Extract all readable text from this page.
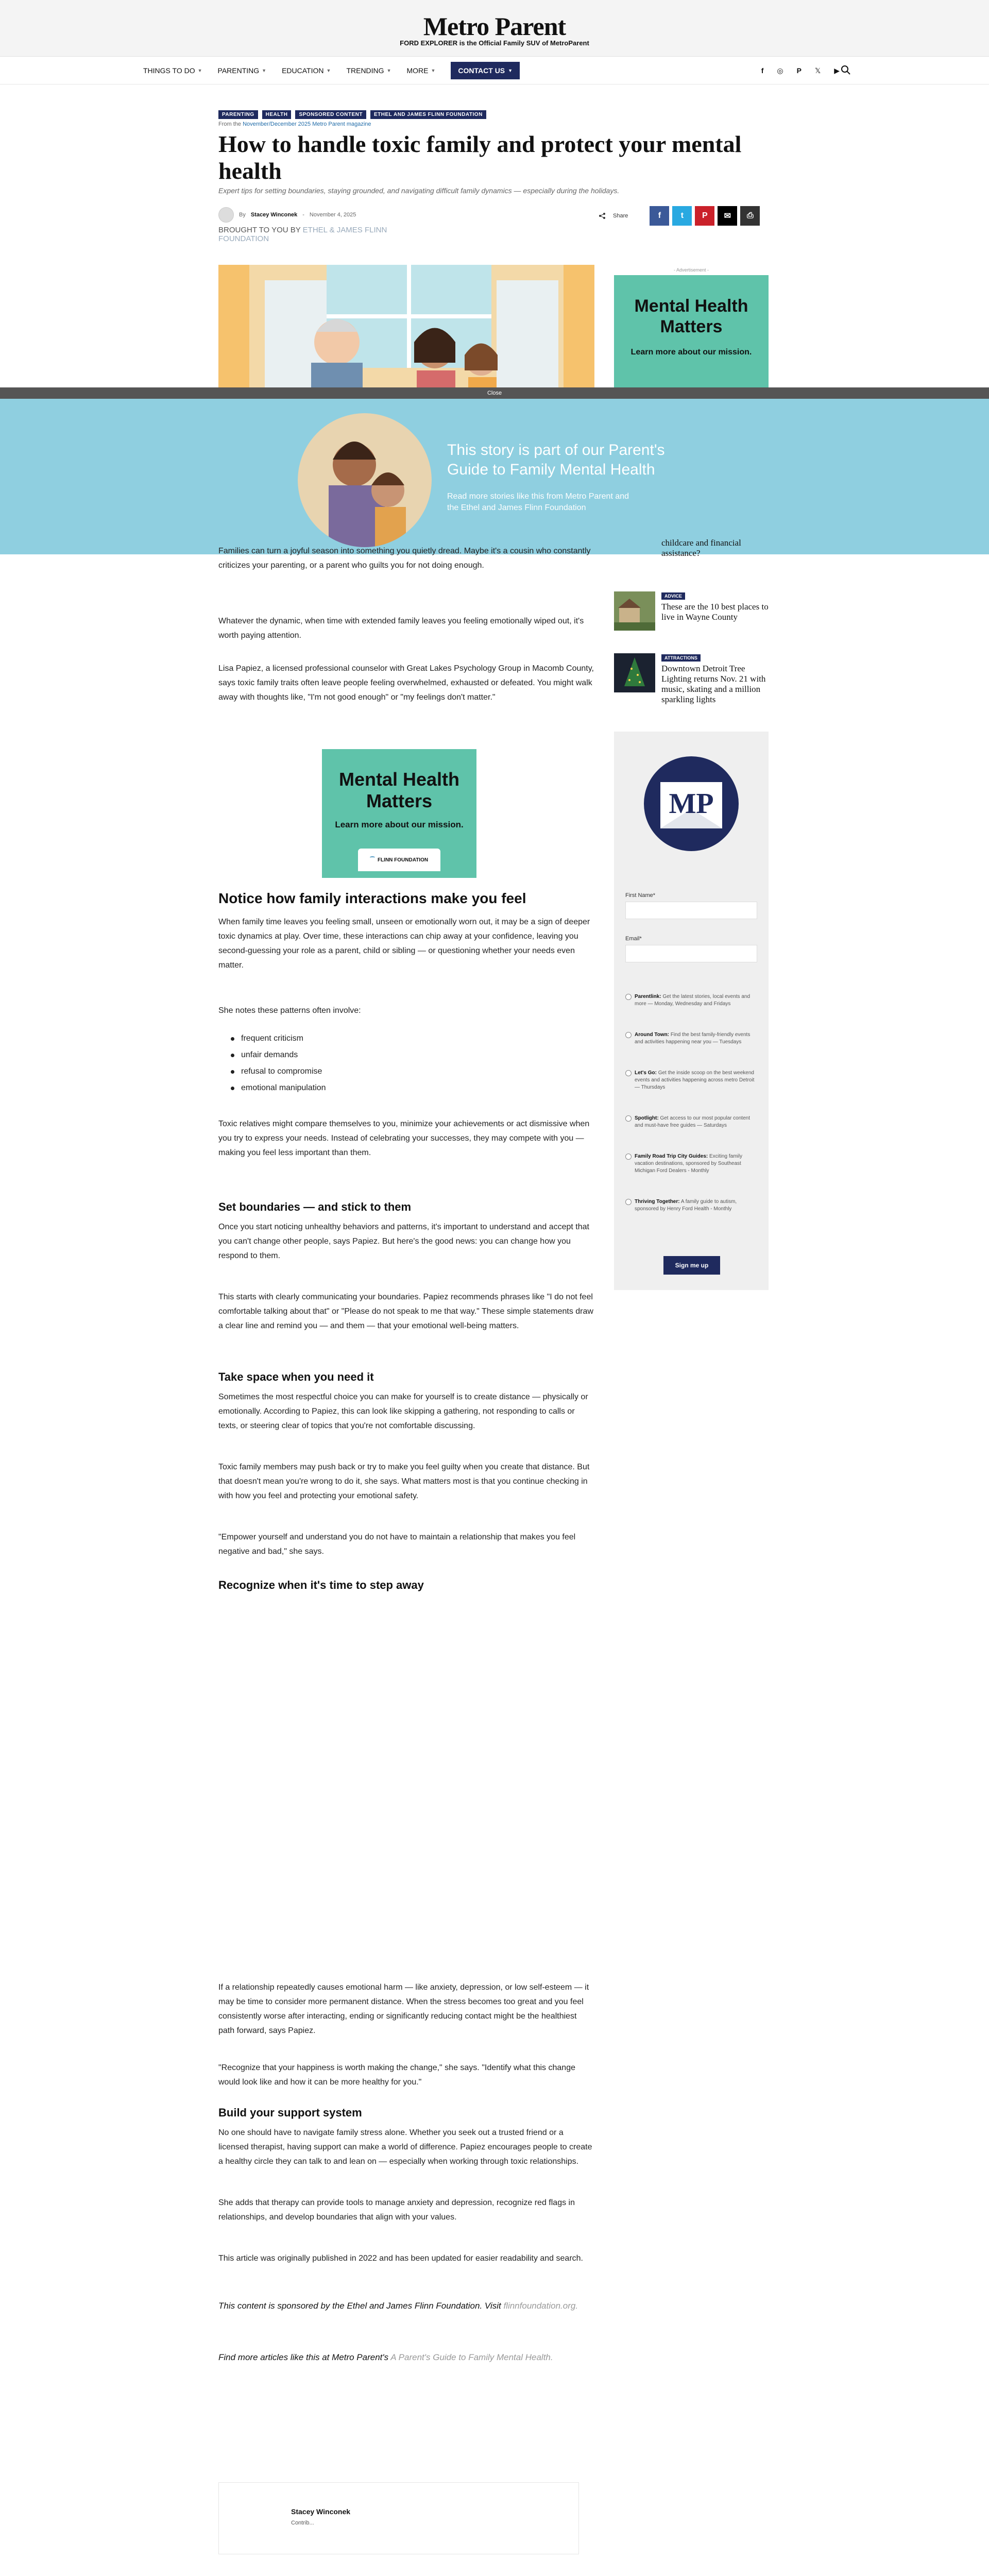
Metro Parent
FORD EXPLORER is the Official Family SUV of MetroParent
THINGS TO DO ▼ PARENTING ▼ EDUCATION ▼ TRENDING ▼ MORE ▼	CONTACT US ▼	f ◎ P 𝕏 ▶
PARENTING	HEALTH	SPONSORED CONTENT	ETHEL AND JAMES FLINN FOUNDATION
From the November/December 2025 Metro Parent magazine
How to handle toxic family and protect your mental health
Expert tips for setting boundaries, staying grounded, and navigating difficult family dynamics — especially during the holidays.
By Stacey Winconek - November 4, 2025
BROUGHT TO YOU BY ETHEL & JAMES FLINN FOUNDATION
Share	f t P ✉ ⎙
- Advertisement -
Mental Health Matters

Learn more about our mission.

Close
This story is part of our Parent's Guide to Family Mental Health

Read more stories like this from Metro Parent and the Ethel and James Flinn Foundation

Families can turn a joyful season into something you quietly dread. Maybe it's a cousin who constantly criticizes your parenting, or a parent who guilts you for not doing enough.

Whatever the dynamic, when time with extended family leaves you feeling emotionally wiped out, it's worth paying attention.

Lisa Papiez, a licensed professional counselor with Great Lakes Psychology Group in Macomb County, says toxic family traits often leave people feeling overwhelmed, exhausted or defeated. You might walk away with thoughts like, "I'm not good enough" or "my feelings don't matter."

Mental Health Matters

Learn more about our mission.

⁀ FLINN FOUNDATION
Notice how family interactions make you feel

When family time leaves you feeling small, unseen or emotionally worn out, it may be a sign of deeper toxic dynamics at play. Over time, these interactions can chip away at your confidence, leaving you second-guessing your role as a parent, child or sibling — or questioning whether your needs even matter.

She notes these patterns often involve:

frequent criticism
unfair demands
refusal to compromise
emotional manipulation

Toxic relatives might compare themselves to you, minimize your achievements or act dismissive when you try to express your needs. Instead of celebrating your successes, they may compete with you — making you feel less important than them.

Set boundaries — and stick to them

Once you start noticing unhealthy behaviors and patterns, it's important to understand and accept that you can't change other people, says Papiez. But here's the good news: you can change how you respond to them.

This starts with clearly communicating your boundaries. Papiez recommends phrases like "I do not feel comfortable talking about that" or "Please do not speak to me that way." These simple statements draw a clear line and remind you — and them — that your emotional well-being matters.

Take space when you need it

Sometimes the most respectful choice you can make for yourself is to create distance — physically or emotionally. According to Papiez, this can look like skipping a gathering, not responding to calls or texts, or steering clear of topics that you're not comfortable discussing.

Toxic family members may push back or try to make you feel guilty when you create that distance. But that doesn't mean you're wrong to do it, she says. What matters most is that you continue checking in with how you feel and protecting your emotional safety.

"Empower yourself and understand you do not have to maintain a relationship that makes you feel negative and bad," she says.

Recognize when it's time to step away

If a relationship repeatedly causes emotional harm — like anxiety, depression, or low self-esteem — it may be time to consider more permanent distance. When the stress becomes too great and you feel consistently worse after interacting, ending or significantly reducing contact might be the healthiest path forward, says Papiez.

"Recognize that your happiness is worth making the change," she says. "Identify what this change would look like and how it can be more healthy for you."

Build your support system

No one should have to navigate family stress alone. Whether you seek out a trusted friend or a licensed therapist, having support can make a world of difference. Papiez encourages people to create a healthy circle they can talk to and lean on — especially when working through toxic relationships.

She adds that therapy can provide tools to manage anxiety and depression, recognize red flags in relationships, and develop boundaries that align with your values.

This article was originally published in 2022 and has been updated for easier readability and search.

This content is sponsored by the Ethel and James Flinn Foundation. Visit flinnfoundation.org.

Find more articles like this at Metro Parent's A Parent's Guide to Family Mental Health.

Stacey Winconek
Contrib...

childcare and financial assistance?
ADVICE
These are the 10 best places to live in Wayne County
ATTRACTIONS
Downtown Detroit Tree Lighting returns Nov. 21 with music, skating and a million sparkling lights
MP
First Name*
Email*
Parentlink: Get the latest stories, local events and more — Monday, Wednesday and Fridays
Around Town: Find the best family-friendly events and activities happening near you — Tuesdays
Let's Go: Get the inside scoop on the best weekend events and activities happening across metro Detroit — Thursdays
Spotlight: Get access to our most popular content and must-have free guides — Saturdays
Family Road Trip City Guides: Exciting family vacation destinations, sponsored by Southeast Michigan Ford Dealers - Monthly
Thriving Together: A family guide to autism, sponsored by Henry Ford Health - Monthly
Sign me up
